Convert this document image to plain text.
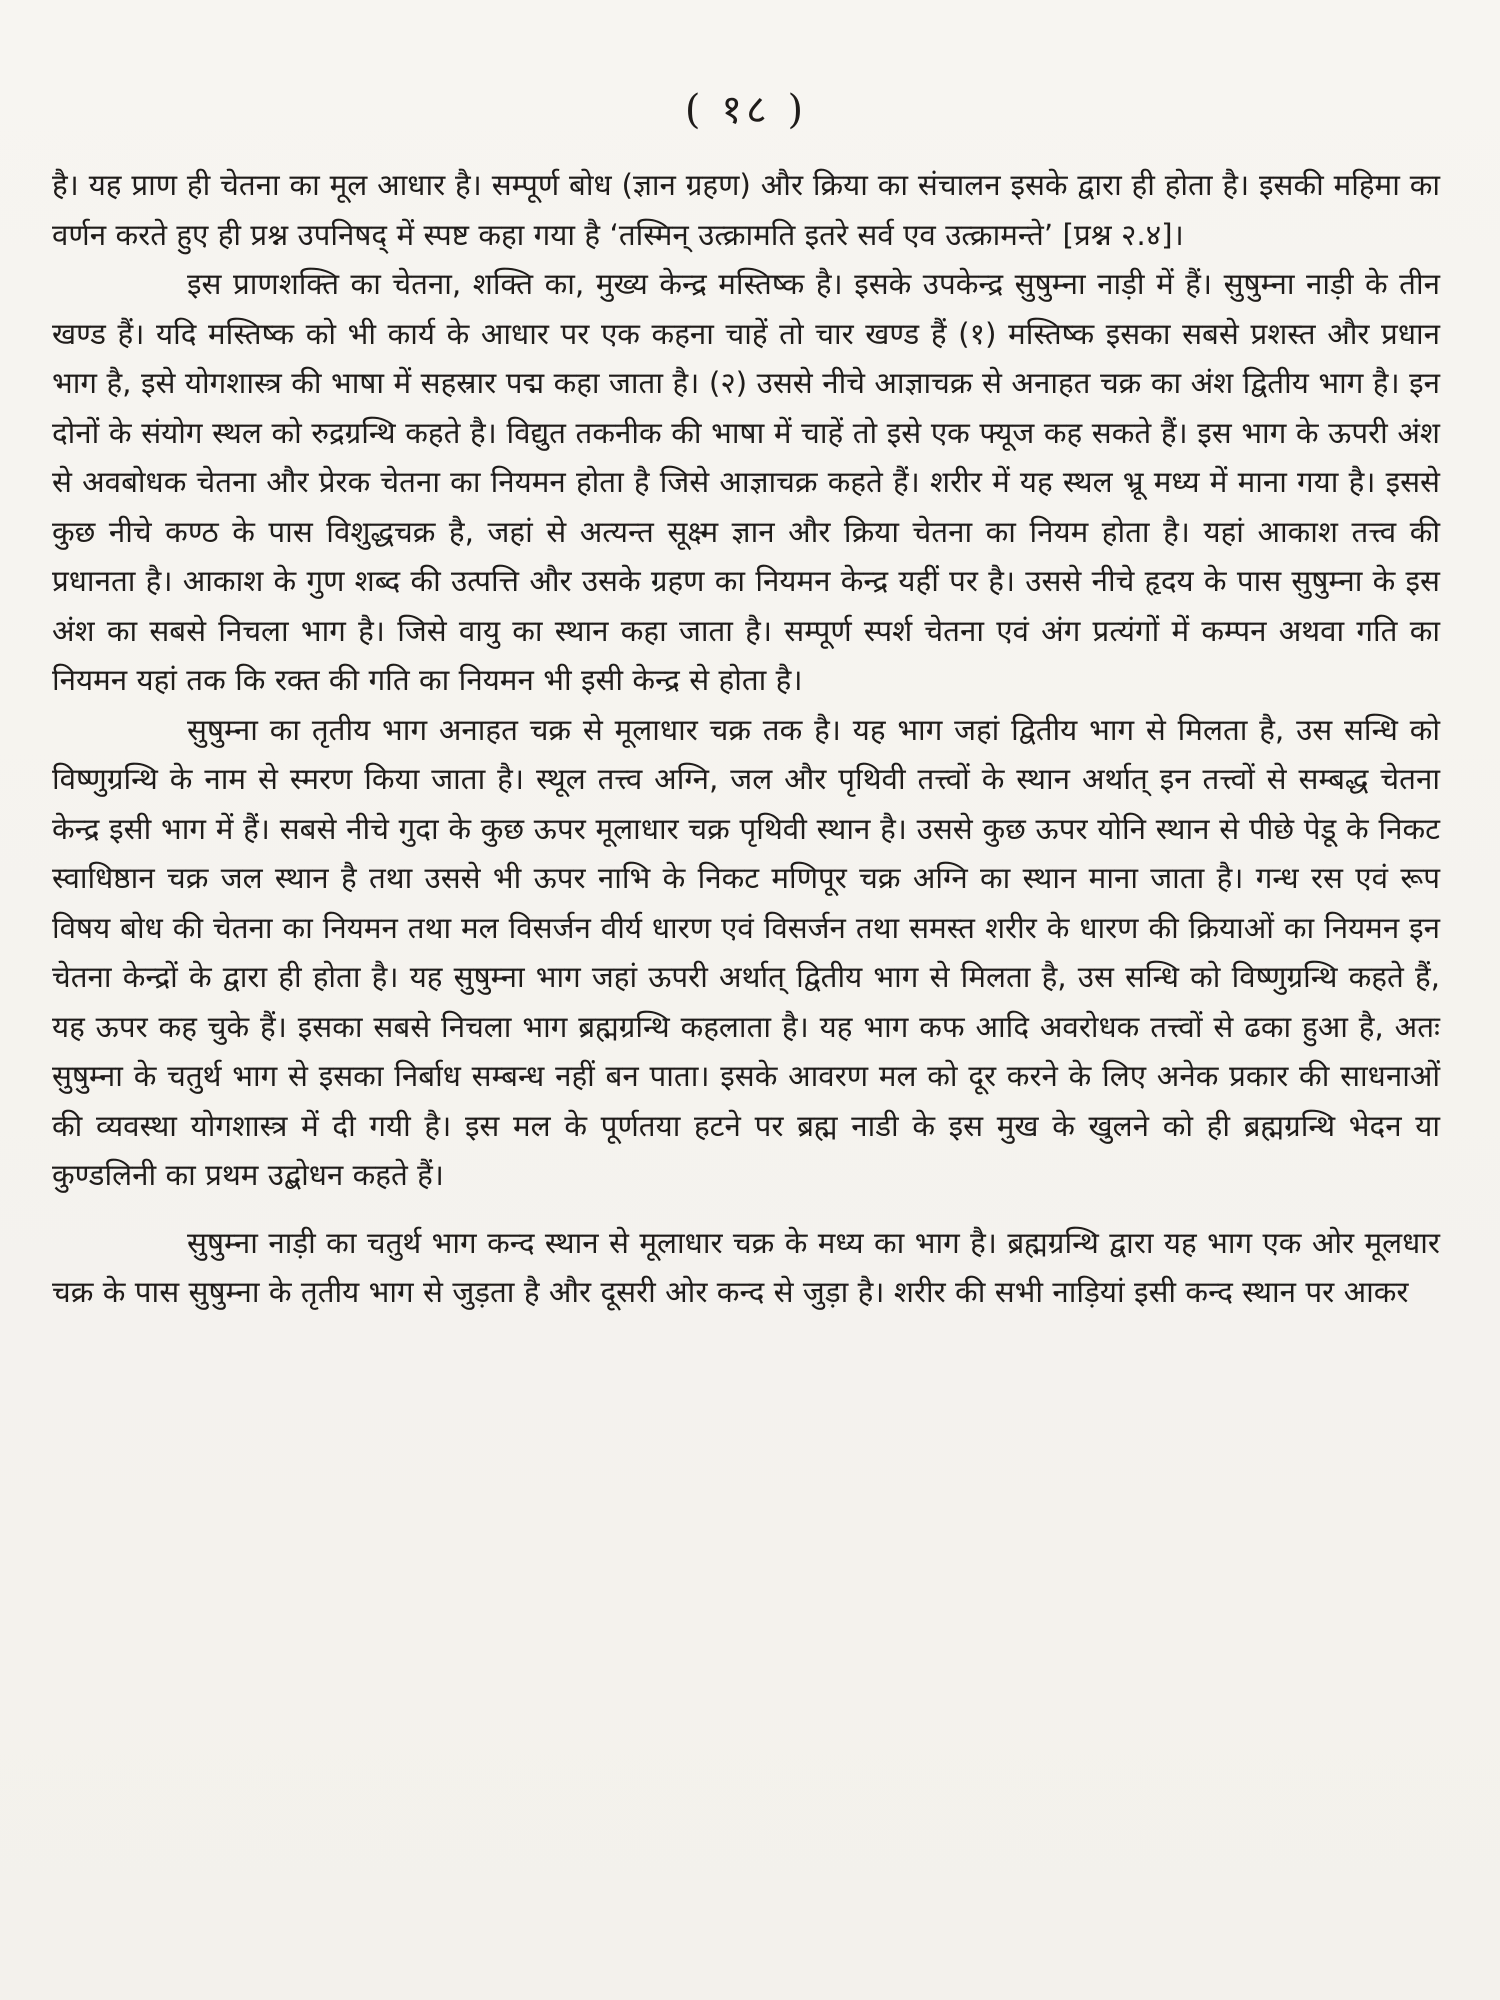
( १८ )

है। यह प्राण ही चेतना का मूल आधार है। सम्पूर्ण बोध (ज्ञान ग्रहण) और क्रिया का संचालन इसके द्वारा ही होता है। इसकी महिमा का वर्णन करते हुए ही प्रश्न उपनिषद् में स्पष्ट कहा गया है ‘तस्मिन् उत्क्रामति इतरे सर्व एव उत्क्रामन्ते’ [प्रश्न २.४]।

इस प्राणशक्ति का चेतना, शक्ति का, मुख्य केन्द्र मस्तिष्क है। इसके उपकेन्द्र सुषुम्ना नाड़ी में हैं। सुषुम्ना नाड़ी के तीन खण्ड हैं। यदि मस्तिष्क को भी कार्य के आधार पर एक कहना चाहें तो चार खण्ड हैं (१) मस्तिष्क इसका सबसे प्रशस्त और प्रधान भाग है, इसे योगशास्त्र की भाषा में सहस्रार पद्म कहा जाता है। (२) उससे नीचे आज्ञाचक्र से अनाहत चक्र का अंश द्वितीय भाग है। इन दोनों के संयोग स्थल को रुद्रग्रन्थि कहते है। विद्युत तकनीक की भाषा में चाहें तो इसे एक फ्यूज कह सकते हैं। इस भाग के ऊपरी अंश से अवबोधक चेतना और प्रेरक चेतना का नियमन होता है जिसे आज्ञाचक्र कहते हैं। शरीर में यह स्थल भ्रू मध्य में माना गया है। इससे कुछ नीचे कण्ठ के पास विशुद्धचक्र है, जहां से अत्यन्त सूक्ष्म ज्ञान और क्रिया चेतना का नियम होता है। यहां आकाश तत्त्व की प्रधानता है। आकाश के गुण शब्द की उत्पत्ति और उसके ग्रहण का नियमन केन्द्र यहीं पर है। उससे नीचे हृदय के पास सुषुम्ना के इस अंश का सबसे निचला भाग है। जिसे वायु का स्थान कहा जाता है। सम्पूर्ण स्पर्श चेतना एवं अंग प्रत्यंगों में कम्पन अथवा गति का नियमन यहां तक कि रक्त की गति का नियमन भी इसी केन्द्र से होता है।

सुषुम्ना का तृतीय भाग अनाहत चक्र से मूलाधार चक्र तक है। यह भाग जहां द्वितीय भाग से मिलता है, उस सन्धि को विष्णुग्रन्थि के नाम से स्मरण किया जाता है। स्थूल तत्त्व अग्नि, जल और पृथिवी तत्त्वों के स्थान अर्थात् इन तत्त्वों से सम्बद्ध चेतना केन्द्र इसी भाग में हैं। सबसे नीचे गुदा के कुछ ऊपर मूलाधार चक्र पृथिवी स्थान है। उससे कुछ ऊपर योनि स्थान से पीछे पेडू के निकट स्वाधिष्ठान चक्र जल स्थान है तथा उससे भी ऊपर नाभि के निकट मणिपूर चक्र अग्नि का स्थान माना जाता है। गन्ध रस एवं रूप विषय बोध की चेतना का नियमन तथा मल विसर्जन वीर्य धारण एवं विसर्जन तथा समस्त शरीर के धारण की क्रियाओं का नियमन इन चेतना केन्द्रों के द्वारा ही होता है। यह सुषुम्ना भाग जहां ऊपरी अर्थात् द्वितीय भाग से मिलता है, उस सन्धि को विष्णुग्रन्थि कहते हैं, यह ऊपर कह चुके हैं। इसका सबसे निचला भाग ब्रह्मग्रन्थि कहलाता है। यह भाग कफ आदि अवरोधक तत्त्वों से ढका हुआ है, अतः सुषुम्ना के चतुर्थ भाग से इसका निर्बाध सम्बन्ध नहीं बन पाता। इसके आवरण मल को दूर करने के लिए अनेक प्रकार की साधनाओं की व्यवस्था योगशास्त्र में दी गयी है। इस मल के पूर्णतया हटने पर ब्रह्म नाडी के इस मुख के खुलने को ही ब्रह्मग्रन्थि भेदन या कुण्डलिनी का प्रथम उद्बोधन कहते हैं।

सुषुम्ना नाड़ी का चतुर्थ भाग कन्द स्थान से मूलाधार चक्र के मध्य का भाग है। ब्रह्मग्रन्थि द्वारा यह भाग एक ओर मूलधार चक्र के पास सुषुम्ना के तृतीय भाग से जुड़ता है और दूसरी ओर कन्द से जुड़ा है। शरीर की सभी नाड़ियां इसी कन्द स्थान पर आकर
